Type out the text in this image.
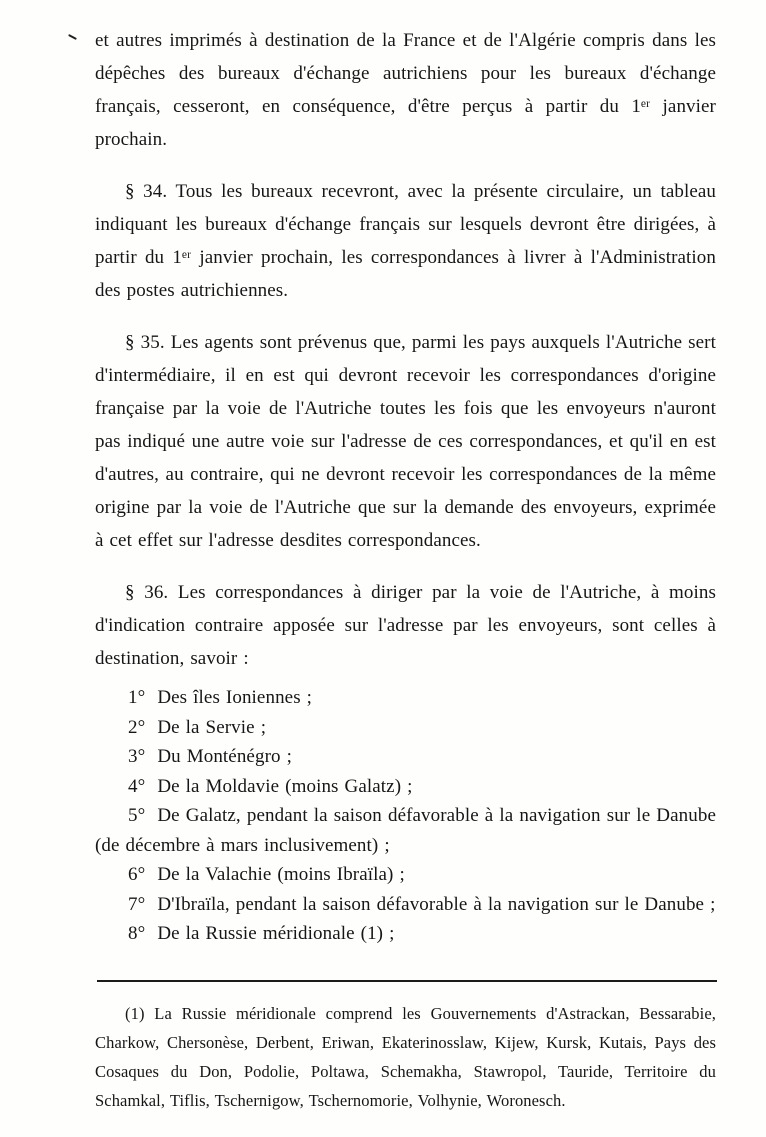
et autres imprimés à destination de la France et de l'Algérie compris dans les dépêches des bureaux d'échange autrichiens pour les bureaux d'échange français, cesseront, en conséquence, d'être perçus à partir du 1ᵉʳ janvier prochain.

§ 34. Tous les bureaux recevront, avec la présente circulaire, un tableau indiquant les bureaux d'échange français sur lesquels devront être dirigées, à partir du 1ᵉʳ janvier prochain, les correspondances à livrer à l'Administration des postes autrichiennes.

§ 35. Les agents sont prévenus que, parmi les pays auxquels l'Autriche sert d'intermédiaire, il en est qui devront recevoir les correspondances d'origine française par la voie de l'Autriche toutes les fois que les envoyeurs n'auront pas indiqué une autre voie sur l'adresse de ces correspondances, et qu'il en est d'autres, au contraire, qui ne devront recevoir les correspondances de la même origine par la voie de l'Autriche que sur la demande des envoyeurs, exprimée à cet effet sur l'adresse desdites correspondances.

§ 36. Les correspondances à diriger par la voie de l'Autriche, à moins d'indication contraire apposée sur l'adresse par les envoyeurs, sont celles à destination, savoir :

1° Des îles Ioniennes ;

2° De la Servie ;

3° Du Monténégro ;

4° De la Moldavie (moins Galatz) ;

5° De Galatz, pendant la saison défavorable à la navigation sur le Danube (de décembre à mars inclusivement) ;

6° De la Valachie (moins Ibraïla) ;

7° D'Ibraïla, pendant la saison défavorable à la navigation sur le Danube ;

8° De la Russie méridionale (1) ;

(1) La Russie méridionale comprend les Gouvernements d'Astrackan, Bessarabie, Charkow, Chersonèse, Derbent, Eriwan, Ekaterinosslaw, Kijew, Kursk, Kutais, Pays des Cosaques du Don, Podolie, Poltawa, Schemakha, Stawropol, Tauride, Territoire du Schamkal, Tiflis, Tschernigow, Tschernomorie, Volhynie, Woronesch.
